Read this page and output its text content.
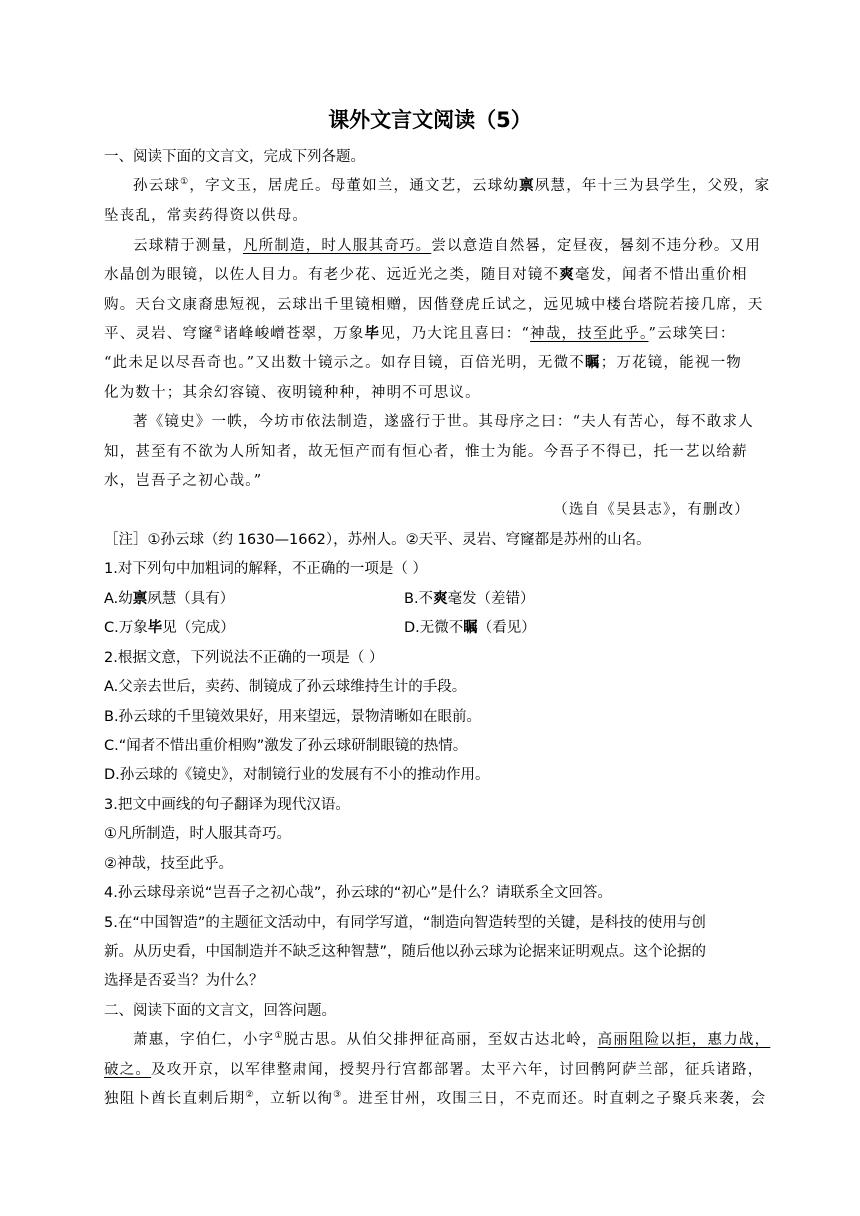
课外文言文阅读（5）
一、阅读下面的文言文，完成下列各题。
孙云球①，字文玉，居虎丘。母董如兰，通文艺，云球幼禀夙慧，年十三为县学生，父殁，家
坠丧乱，常卖药得资以供母。
云球精于测量，凡所制造，时人服其奇巧。尝以意造自然晷，定昼夜，晷刻不违分秒。又用
水晶创为眼镜，以佐人目力。有老少花、远近光之类，随目对镜不爽毫发，闻者不惜出重价相
购。天台文康裔患短视，云球出千里镜相赠，因偕登虎丘试之，远见城中楼台塔院若接几席，天
平、灵岩、穹窿②诸峰峻嶒苍翠，万象毕见，乃大诧且喜曰：“神哉，技至此乎。”云球笑曰：
“此未足以尽吾奇也。”又出数十镜示之。如存目镜，百倍光明，无微不瞩；万花镜，能视一物
化为数十；其余幻容镜、夜明镜种种，神明不可思议。
著《镜史》一帙，今坊市依法制造，遂盛行于世。其母序之曰：“夫人有苦心，每不敢求人
知，甚至有不欲为人所知者，故无恒产而有恒心者，惟士为能。今吾子不得已，托一艺以给薪
水，岂吾子之初心哉。”
（选自《吴县志》，有删改）
［注］①孙云球（约 1630—1662），苏州人。②天平、灵岩、穹窿都是苏州的山名。
1.对下列句中加粗词的解释，不正确的一项是（ ）
A.幼禀夙慧（具有）	B.不爽毫发（差错）
C.万象毕见（完成）	D.无微不瞩（看见）
2.根据文意，下列说法不正确的一项是（ ）
A.父亲去世后，卖药、制镜成了孙云球维持生计的手段。
B.孙云球的千里镜效果好，用来望远，景物清晰如在眼前。
C.“闻者不惜出重价相购”激发了孙云球研制眼镜的热情。
D.孙云球的《镜史》，对制镜行业的发展有不小的推动作用。
3.把文中画线的句子翻译为现代汉语。
①凡所制造，时人服其奇巧。
②神哉，技至此乎。
4.孙云球母亲说“岂吾子之初心哉”，孙云球的“初心”是什么？请联系全文回答。
5.在“中国智造”的主题征文活动中，有同学写道，“制造向智造转型的关键，是科技的使用与创
新。从历史看，中国制造并不缺乏这种智慧”，随后他以孙云球为论据来证明观点。这个论据的
选择是否妥当？为什么？
二、阅读下面的文言文，回答问题。
萧惠，字伯仁，小字①脱古思。从伯父排押征高丽，至奴古达北岭，高丽阻险以拒，惠力战，
破之。及攻开京，以军律整肃闻，授契丹行宫都部署。太平六年，讨回鹘阿萨兰部，征兵诸路，
独阻卜酋长直剌后期②，立斩以徇③。进至甘州，攻围三日，不克而还。时直剌之子聚兵来袭，会
